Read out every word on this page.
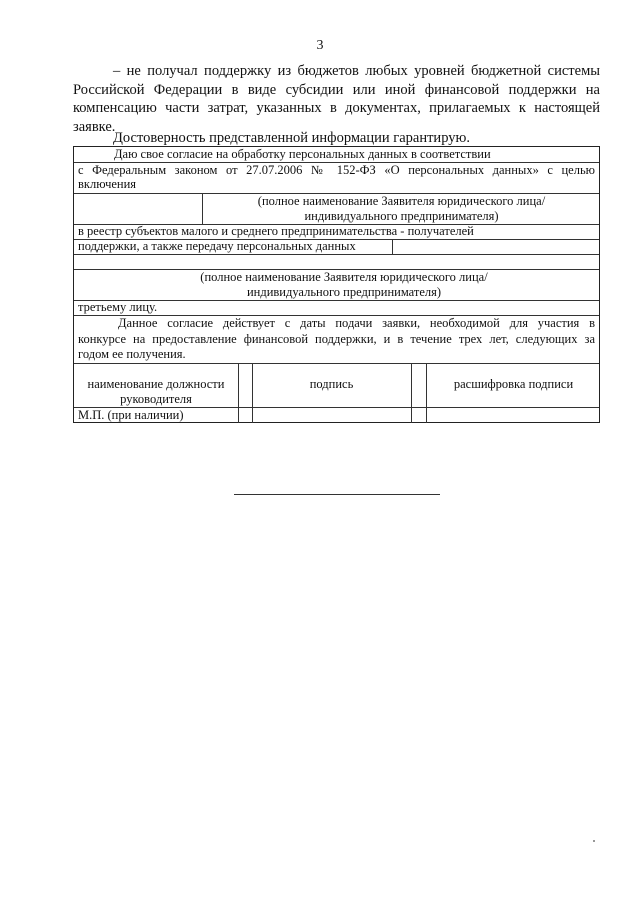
3

– не получал поддержку из бюджетов любых уровней бюджетной системы Российской Федерации в виде субсидии или иной финансовой поддержки на компенсацию части затрат, указанных в документах, прилагаемых к настоящей заявке.

Достоверность представленной информации гарантирую.
Даю свое согласие на обработку персональных данных в соответствии
с Федеральным законом от 27.07.2006 № 152-ФЗ «О персональных данных» с целью
включения
(полное наименование Заявителя юридического лица/
индивидуального предпринимателя)
в реестр субъектов малого и среднего предпринимательства - получателей
поддержки, а также передачу персональных данных
(полное наименование Заявителя юридического лица/
индивидуального предпринимателя)
третьему лицу.
Данное согласие действует с даты подачи заявки, необходимой для участия в
конкурсе на предоставление финансовой поддержки, и в течение трех лет, следующих за
годом ее получения.
наименование должности
руководителя
подпись	расшифровка подписи
М.П. (при наличии)
